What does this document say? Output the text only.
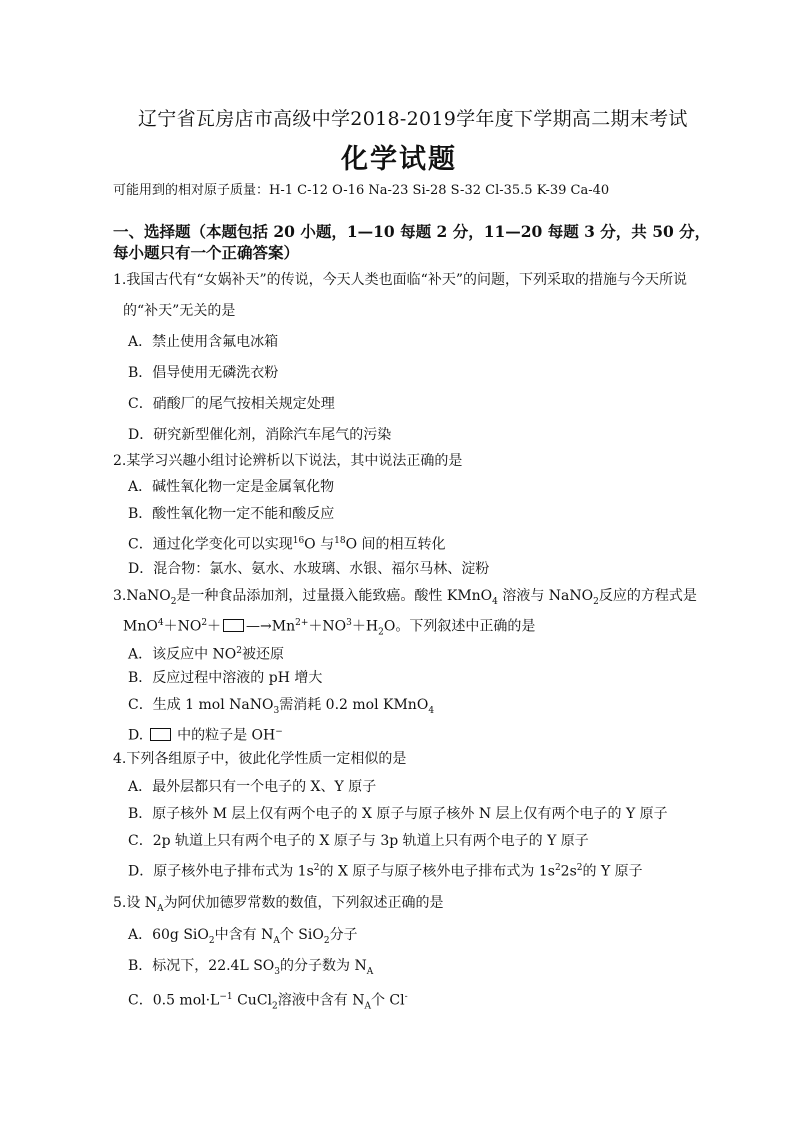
辽宁省瓦房店市高级中学2018-2019学年度下学期高二期末考试
化学试题
可能用到的相对原子质量：H-1 C-12 O-16 Na-23 Si-28 S-32 Cl-35.5 K-39 Ca-40
一、选择题（本题包括 20 小题，1—10 每题 2 分，11—20 每题 3 分，共 50 分，
每小题只有一个正确答案）
1.我国古代有“女娲补天”的传说，今天人类也面临“补天”的问题，下列采取的措施与今天所说
的“补天”无关的是
A．禁止使用含氟电冰箱
B．倡导使用无磷洗衣粉
C．硝酸厂的尾气按相关规定处理
D．研究新型催化剂，消除汽车尾气的污染
2.某学习兴趣小组讨论辨析以下说法，其中说法正确的是
A．碱性氧化物一定是金属氧化物
B．酸性氧化物一定不能和酸反应
C．通过化学变化可以实现$^{16}$O 与$^{18}$O 间的相互转化
D．混合物：氯水、氨水、水玻璃、水银、福尔马林、淀粉
3.NaNO$_2$是一种食品添加剂，过量摄入能致癌。酸性 KMnO$_4$ 溶液与 NaNO$_2$反应的方程式是
$MnO^4+NO^2+$ $—\to Mn^{2+}+NO^3+H_2O$。下列叙述中正确的是
A．该反应中 $NO^2$被还原
B．反应过程中溶液的 pH 增大
C．生成 1 mol NaNO$_3$需消耗 0.2 mol KMnO$_4$
D. 中的粒子是 OH−
4.下列各组原子中，彼此化学性质一定相似的是
A．最外层都只有一个电子的 X、Y 原子
B．原子核外 M 层上仅有两个电子的 X 原子与原子核外 N 层上仅有两个电子的 Y 原子
C．2p 轨道上只有两个电子的 X 原子与 3p 轨道上只有两个电子的 Y 原子
D．原子核外电子排布式为 $1s^2$的 X 原子与原子核外电子排布式为 $1s^22s^2$的 Y 原子
5.设 $N_A$为阿伏加德罗常数的数值，下列叙述正确的是
A．60g SiO$_2$中含有 $N_A$个 SiO$_2$分子
B．标况下，22.4L $SO_3$的分子数为 $N_A$
C．0.5 $mol\cdot L^{-1}$ CuCl$_2$溶液中含有 $N_A$个 Cl-
